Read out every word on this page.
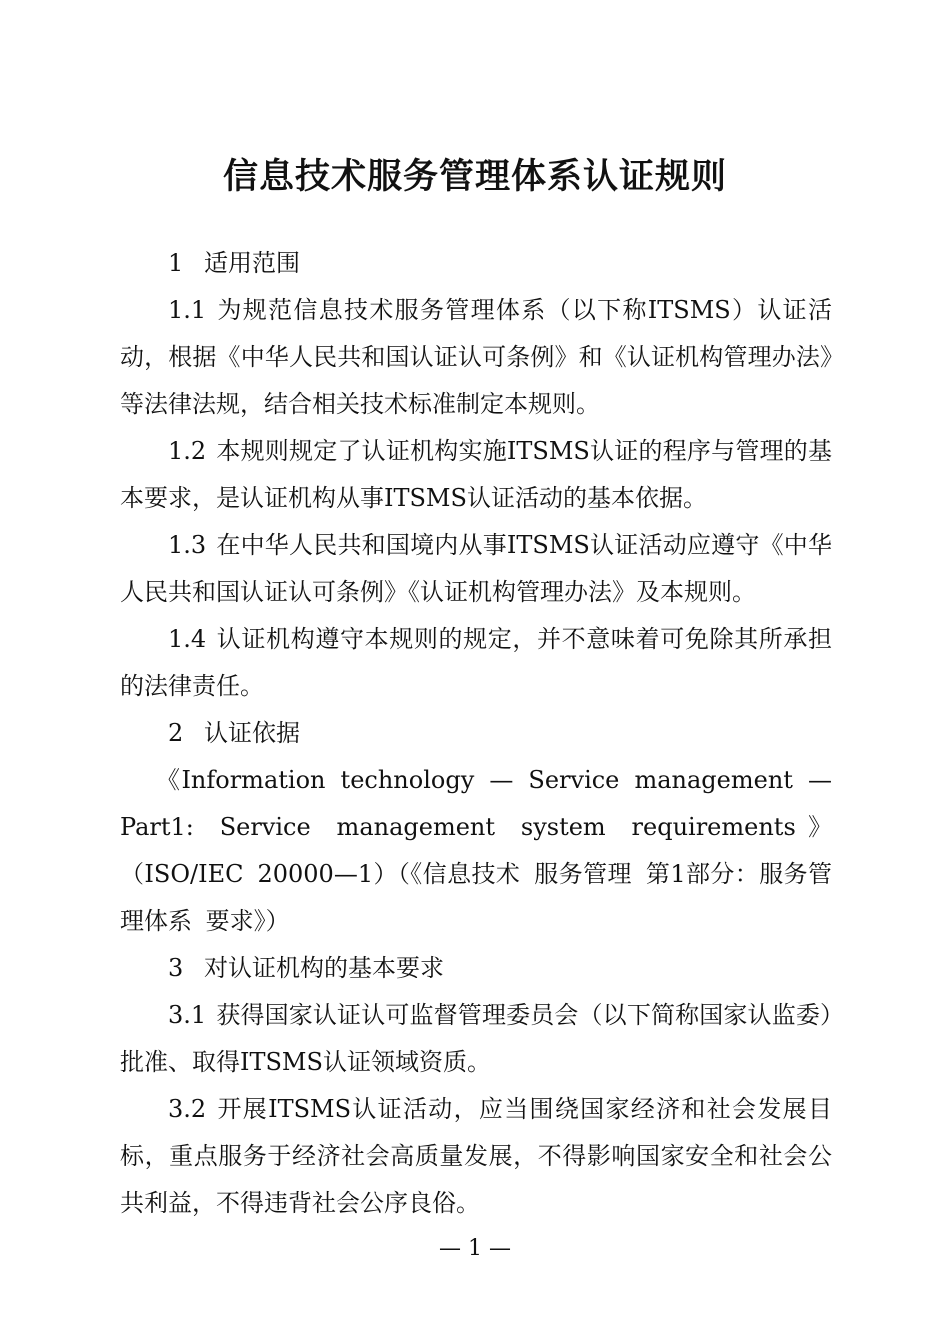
信息技术服务管理体系认证规则

1 适用范围

1.1 为规范信息技术服务管理体系（以下称ITSMS）认证活动，根据《中华人民共和国认证认可条例》和《认证机构管理办法》等法律法规，结合相关技术标准制定本规则。

1.2 本规则规定了认证机构实施ITSMS认证的程序与管理的基本要求，是认证机构从事ITSMS认证活动的基本依据。

1.3 在中华人民共和国境内从事ITSMS认证活动应遵守《中华人民共和国认证认可条例》《认证机构管理办法》及本规则。

1.4 认证机构遵守本规则的规定，并不意味着可免除其所承担的法律责任。

2 认证依据

《Information technology — Service management — Part1: Service management system requirements》（ISO/IEC 20000—1）（《信息技术 服务管理 第1部分：服务管理体系 要求》）

3 对认证机构的基本要求

3.1 获得国家认证认可监督管理委员会（以下简称国家认监委）批准、取得ITSMS认证领域资质。

3.2 开展ITSMS认证活动，应当围绕国家经济和社会发展目标，重点服务于经济社会高质量发展，不得影响国家安全和社会公共利益，不得违背社会公序良俗。

— 1 —
